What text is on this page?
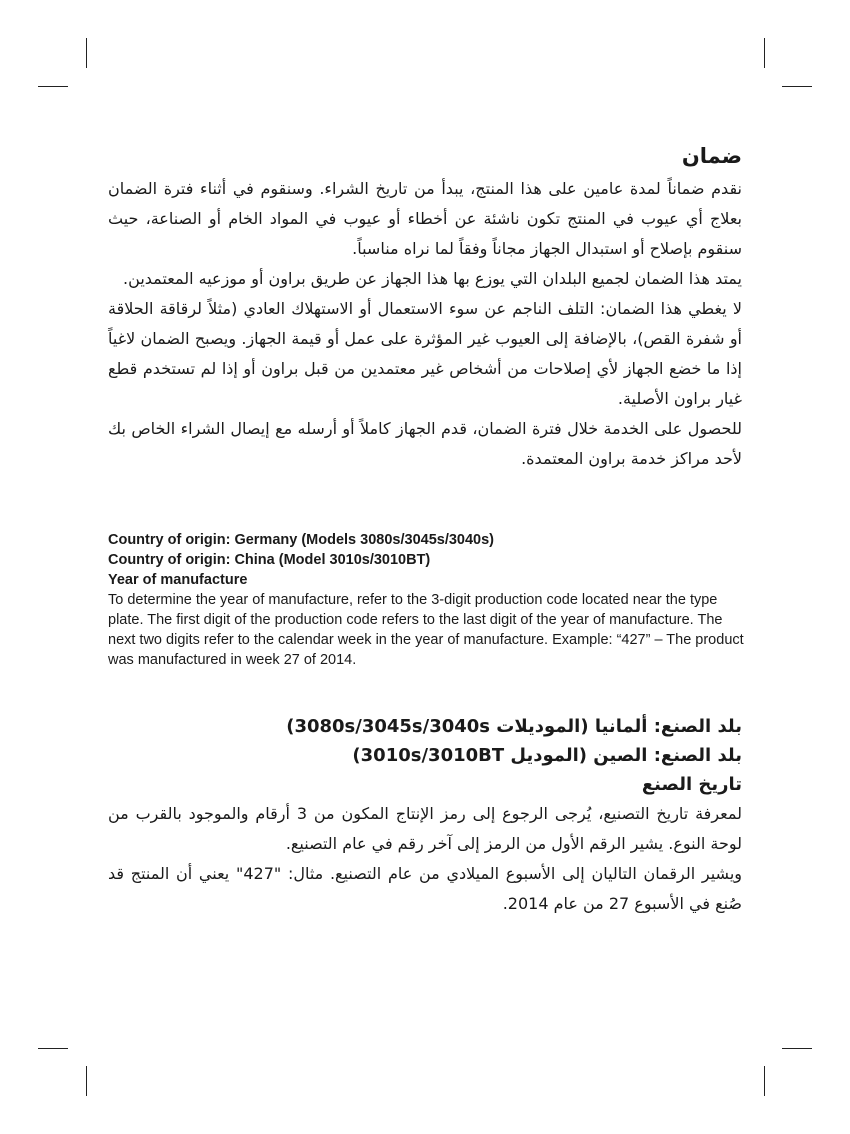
ضمان

نقدم ضماناً لمدة عامين على هذا المنتج، يبدأ من تاريخ الشراء. وسنقوم في أثناء فترة الضمان بعلاج أي عيوب في المنتج تكون ناشئة عن أخطاء أو عيوب في المواد الخام أو الصناعة، حيث سنقوم بإصلاح أو استبدال الجهاز مجاناً وفقاً لما نراه مناسباً.

يمتد هذا الضمان لجميع البلدان التي يوزع بها هذا الجهاز عن طريق براون أو موزعيه المعتمدين.

لا يغطي هذا الضمان: التلف الناجم عن سوء الاستعمال أو الاستهلاك العادي (مثلاً لرقاقة الحلاقة أو شفرة القص)، بالإضافة إلى العيوب غير المؤثرة على عمل أو قيمة الجهاز. ويصبح الضمان لاغياً إذا ما خضع الجهاز لأي إصلاحات من أشخاص غير معتمدين من قبل براون أو إذا لم تستخدم قطع غيار براون الأصلية.

للحصول على الخدمة خلال فترة الضمان، قدم الجهاز كاملاً أو أرسله مع إيصال الشراء الخاص بك لأحد مراكز خدمة براون المعتمدة.

Country of origin: Germany (Models 3080s/3045s/3040s)

Country of origin: China (Model 3010s/3010BT)

Year of manufacture

To determine the year of manufacture, refer to the 3-digit production code located near the type plate. The first digit of the production code refers to the last digit of the year of manufacture. The next two digits refer to the calendar week in the year of manufacture. Example: “427” – The product was manufactured in week 27 of 2014.

بلد الصنع: ألمانيا (الموديلات 3080s/3045s/3040s)

بلد الصنع: الصين (الموديل 3010s/3010BT)

تاريخ الصنع

لمعرفة تاريخ التصنيع، يُرجى الرجوع إلى رمز الإنتاج المكون من 3 أرقام والموجود بالقرب من لوحة النوع. يشير الرقم الأول من الرمز إلى آخر رقم في عام التصنيع.

ويشير الرقمان التاليان إلى الأسبوع الميلادي من عام التصنيع. مثال: "427" يعني أن المنتج قد صُنع في الأسبوع 27 من عام 2014.
